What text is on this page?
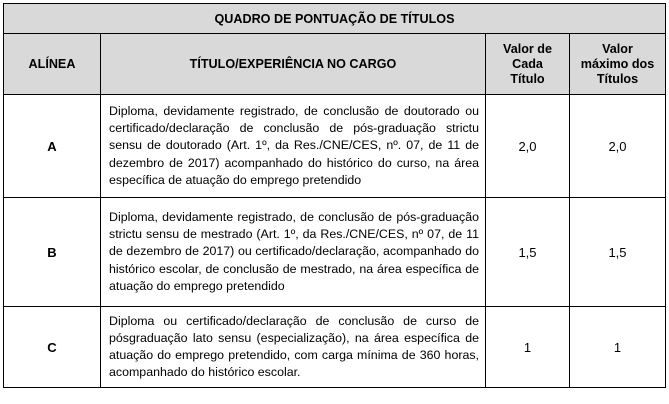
QUADRO DE PONTUAÇÃO DE TÍTULOS			
ALÍNEA	TÍTULO/EXPERIÊNCIA NO CARGO	Valor de Cada Título	Valor máximo dos Títulos
A	Diploma, devidamente registrado, de conclusão de doutorado ou certificado/declaração de conclusão de pós-graduação strictu sensu de doutorado (Art. 1º, da Res./CNE/CES, nº. 07, de 11 de dezembro de 2017) acompanhado do histórico do curso, na área específica de atuação do emprego pretendido	2,0	2,0
B	Diploma, devidamente registrado, de conclusão de pós-graduação strictu sensu de mestrado (Art. 1º, da Res./CNE/CES, nº 07, de 11 de dezembro de 2017) ou certificado/declaração, acompanhado do histórico escolar, de conclusão de mestrado, na área específica de atuação do emprego pretendido	1,5	1,5
C	Diploma ou certificado/declaração de conclusão de curso de pósgraduação lato sensu (especialização), na área específica de atuação do emprego pretendido, com carga mínima de 360 horas, acompanhado do histórico escolar.	1	1
